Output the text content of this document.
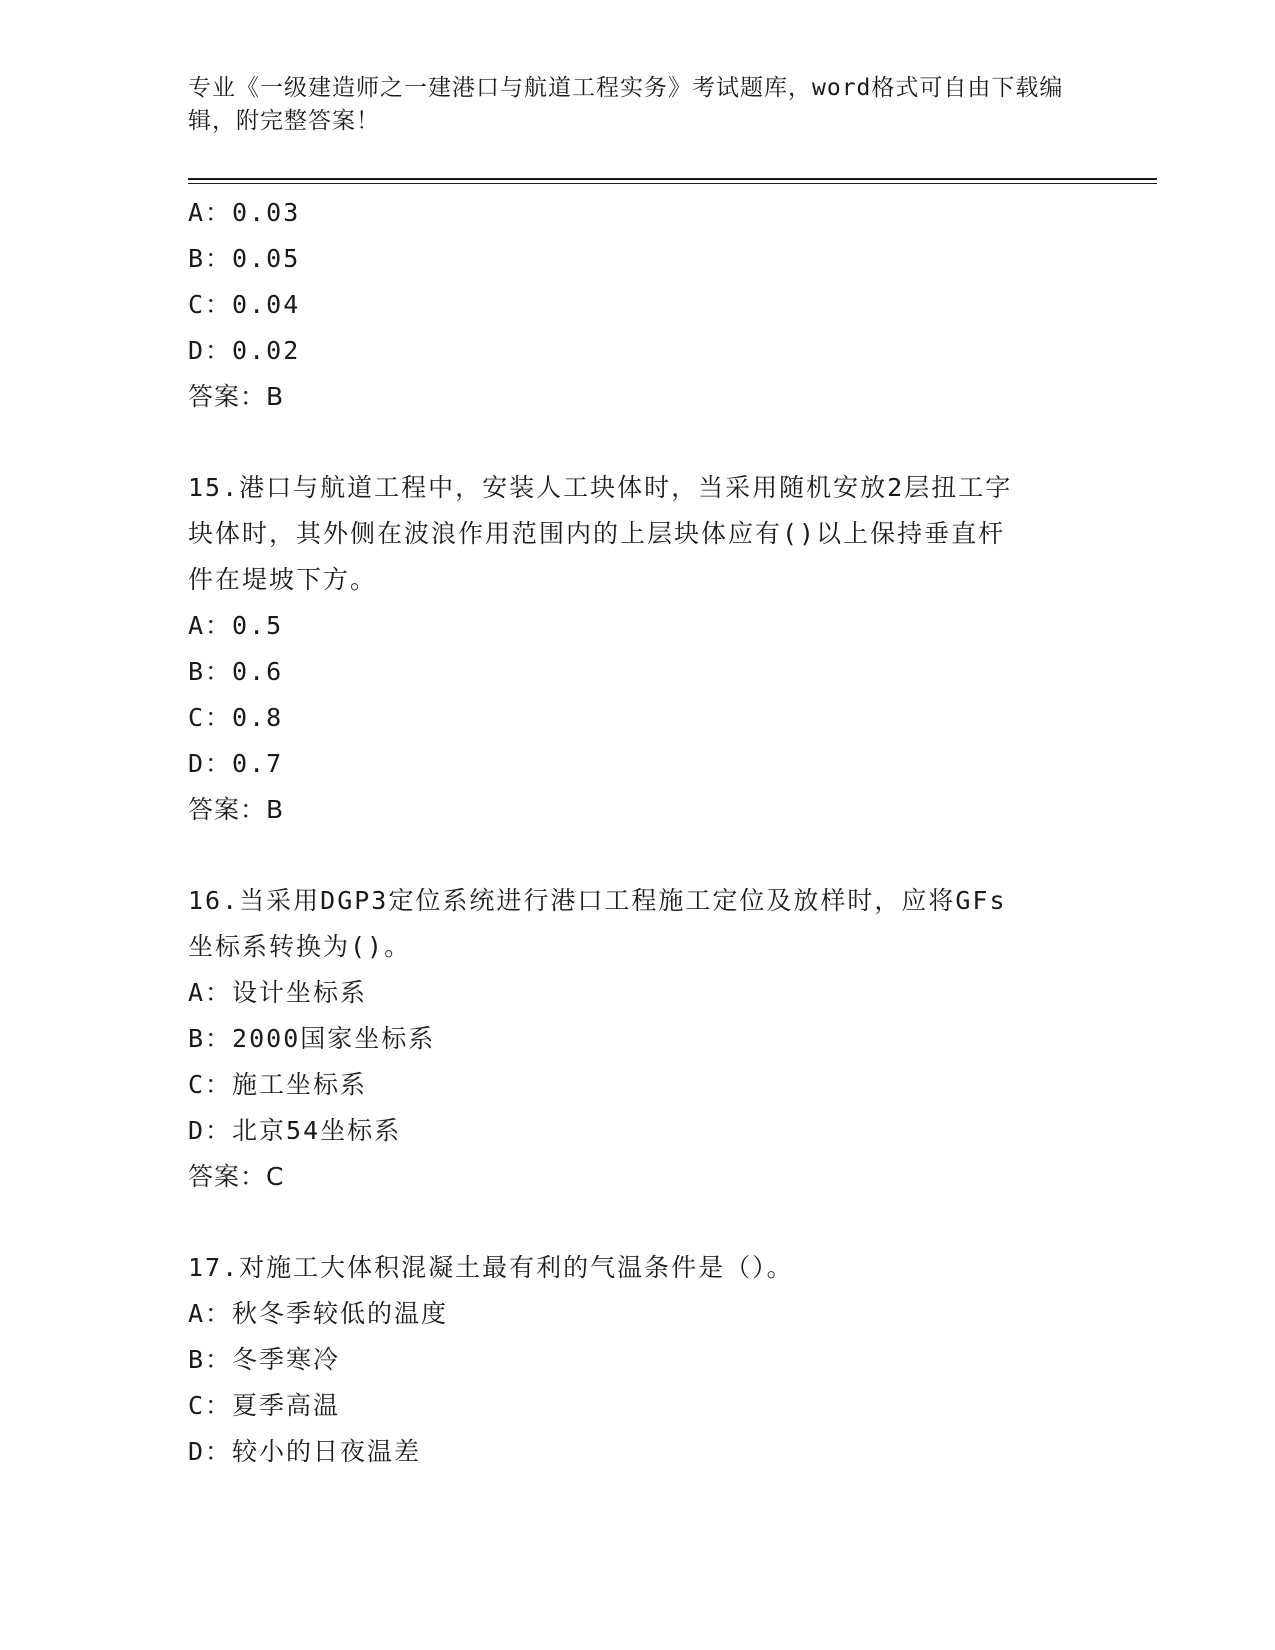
专业《一级建造师之一建港口与航道工程实务》考试题库，word格式可自由下载编辑，附完整答案！
A：0.03
B：0.05
C：0.04
D：0.02
答案：B
15.港口与航道工程中，安装人工块体时，当采用随机安放2层扭工字
块体时，其外侧在波浪作用范围内的上层块体应有()以上保持垂直杆
件在堤坡下方。
A：0.5
B：0.6
C：0.8
D：0.7
答案：B
16.当采用DGP3定位系统进行港口工程施工定位及放样时，应将GFs
坐标系转换为()。
A：设计坐标系
B：2000国家坐标系
C：施工坐标系
D：北京54坐标系
答案：C
17.对施工大体积混凝土最有利的气温条件是（）。
A：秋冬季较低的温度
B：冬季寒冷
C：夏季高温
D：较小的日夜温差
